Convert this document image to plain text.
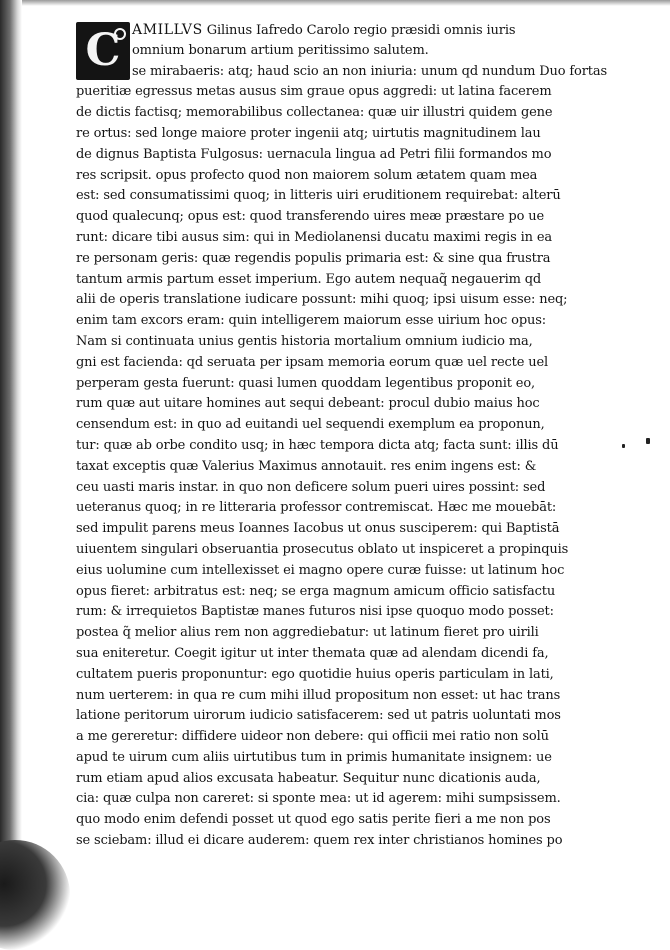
C AMILLVS Gilinus Iafredo Carolo regio præsidi omnis iuris
omnium bonarum artium peritissimo salutem.
se mirabaeris: atq; haud scio an non iniuria: unum qd nundum Duo fortas
pueritiæ egressus metas ausus sim graue opus aggredi: ut latina facerem
de dictis factisq; memorabilibus collectanea: quæ uir illustri quidem gene
re ortus: sed longe maiore proter ingenii atq; uirtutis magnitudinem lau
de dignus Baptista Fulgosus: uernacula lingua ad Petri filii formandos mo
res scripsit. opus profecto quod non maiorem solum ætatem quam mea
est: sed consumatissimi quoq; in litteris uiri eruditionem requirebat: alterū
quod qualecunq; opus est: quod transferendo uires meæ præstare po ue
runt: dicare tibi ausus sim: qui in Mediolanensi ducatu maximi regis in ea
re personam geris: quæ regendis populis primaria est: & sine qua frustra
tantum armis partum esset imperium. Ego autem nequaq̃ negauerim qd
alii de operis translatione iudicare possunt: mihi quoq; ipsi uisum esse: neq;
enim tam excors eram: quin intelligerem maiorum esse uirium hoc opus:
Nam si continuata unius gentis historia mortalium omnium iudicio ma,
gni est facienda: qd seruata per ipsam memoria eorum quæ uel recte uel
perperam gesta fuerunt: quasi lumen quoddam legentibus proponit eo,
rum quæ aut uitare homines aut sequi debeant: procul dubio maius hoc
censendum est: in quo ad euitandi uel sequendi exemplum ea proponun,
tur: quæ ab orbe condito usq; in hæc tempora dicta atq; facta sunt: illis dū
taxat exceptis quæ Valerius Maximus annotauit. res enim ingens est: &
ceu uasti maris instar. in quo non deficere solum pueri uires possint: sed
ueteranus quoq; in re litteraria professor contremiscat. Hæc me mouebāt:
sed impulit parens meus Ioannes Iacobus ut onus susciperem: qui Baptistā
uiuentem singulari obseruantia prosecutus oblato ut inspiceret a propinquis
eius uolumine cum intellexisset ei magno opere curæ fuisse: ut latinum hoc
opus fieret: arbitratus est: neq; se erga magnum amicum officio satisfactu
rum: & irrequietos Baptistæ manes futuros nisi ipse quoquo modo posset:
postea q̃ melior alius rem non aggrediebatur: ut latinum fieret pro uirili
sua eniteretur. Coegit igitur ut inter themata quæ ad alendam dicendi fa,
cultatem pueris proponuntur: ego quotidie huius operis particulam in lati,
num uerterem: in qua re cum mihi illud propositum non esset: ut hac trans
latione peritorum uirorum iudicio satisfacerem: sed ut patris uoluntati mos
a me gereretur: diffidere uideor non debere: qui officii mei ratio non solū
apud te uirum cum aliis uirtutibus tum in primis humanitate insignem: ue
rum etiam apud alios excusata habeatur. Sequitur nunc dicationis auda,
cia: quæ culpa non careret: si sponte mea: ut id agerem: mihi sumpsissem.
quo modo enim defendi posset ut quod ego satis perite fieri a me non pos
se sciebam: illud ei dicare auderem: quem rex inter christianos homines po
